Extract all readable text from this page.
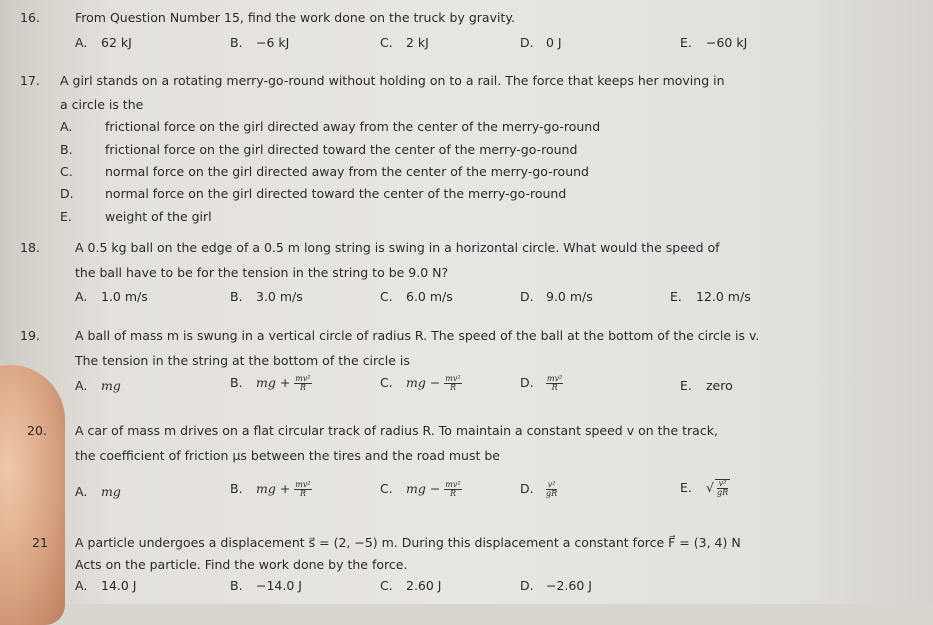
16.	From Question Number 15, find the work done on the truck by gravity.
A. 62 kJ	B. −6 kJ	C. 2 kJ	D. 0 J	E. −60 kJ
17. A girl stands on a rotating merry-go-round without holding on to a rail. The force that keeps her moving in
a circle is the
A.	frictional force on the girl directed away from the center of the merry-go-round
B.	frictional force on the girl directed toward the center of the merry-go-round
C.	normal force on the girl directed away from the center of the merry-go-round
D.	normal force on the girl directed toward the center of the merry-go-round
E.	weight of the girl
18.	A 0.5 kg ball on the edge of a 0.5 m long string is swing in a horizontal circle. What would the speed of
the ball have to be for the tension in the string to be 9.0 N?
A. 1.0 m/s	B. 3.0 m/s	C. 6.0 m/s	D. 9.0 m/s	E. 12.0 m/s
19.	A ball of mass m is swung in a vertical circle of radius R. The speed of the ball at the bottom of the circle is v.
The tension in the string at the bottom of the circle is
A. mg	B. mg + $\frac{\text{mv²}}{R}$	C. mg − $\frac{\text{mv²}}{R}$	D. $\frac{\text{mv²}}{R}$	E. zero
20. A car of mass m drives on a flat circular track of radius R. To maintain a constant speed v on the track,
the coefficient of friction μs between the tires and the road must be
A. mg	B. mg + $\frac{\text{mv²}}{R}$	C. mg − $\frac{\text{mv²}}{R}$	D. $\frac{\text{v²}}{gR}$	E. √ $\frac{\text{v²}}{gR}$
21 A particle undergoes a displacement s⃗ = (2, −5) m. During this displacement a constant force F⃗ = (3, 4) N
Acts on the particle. Find the work done by the force.
A. 14.0 J	B. −14.0 J	C. 2.60 J	D. −2.60 J
